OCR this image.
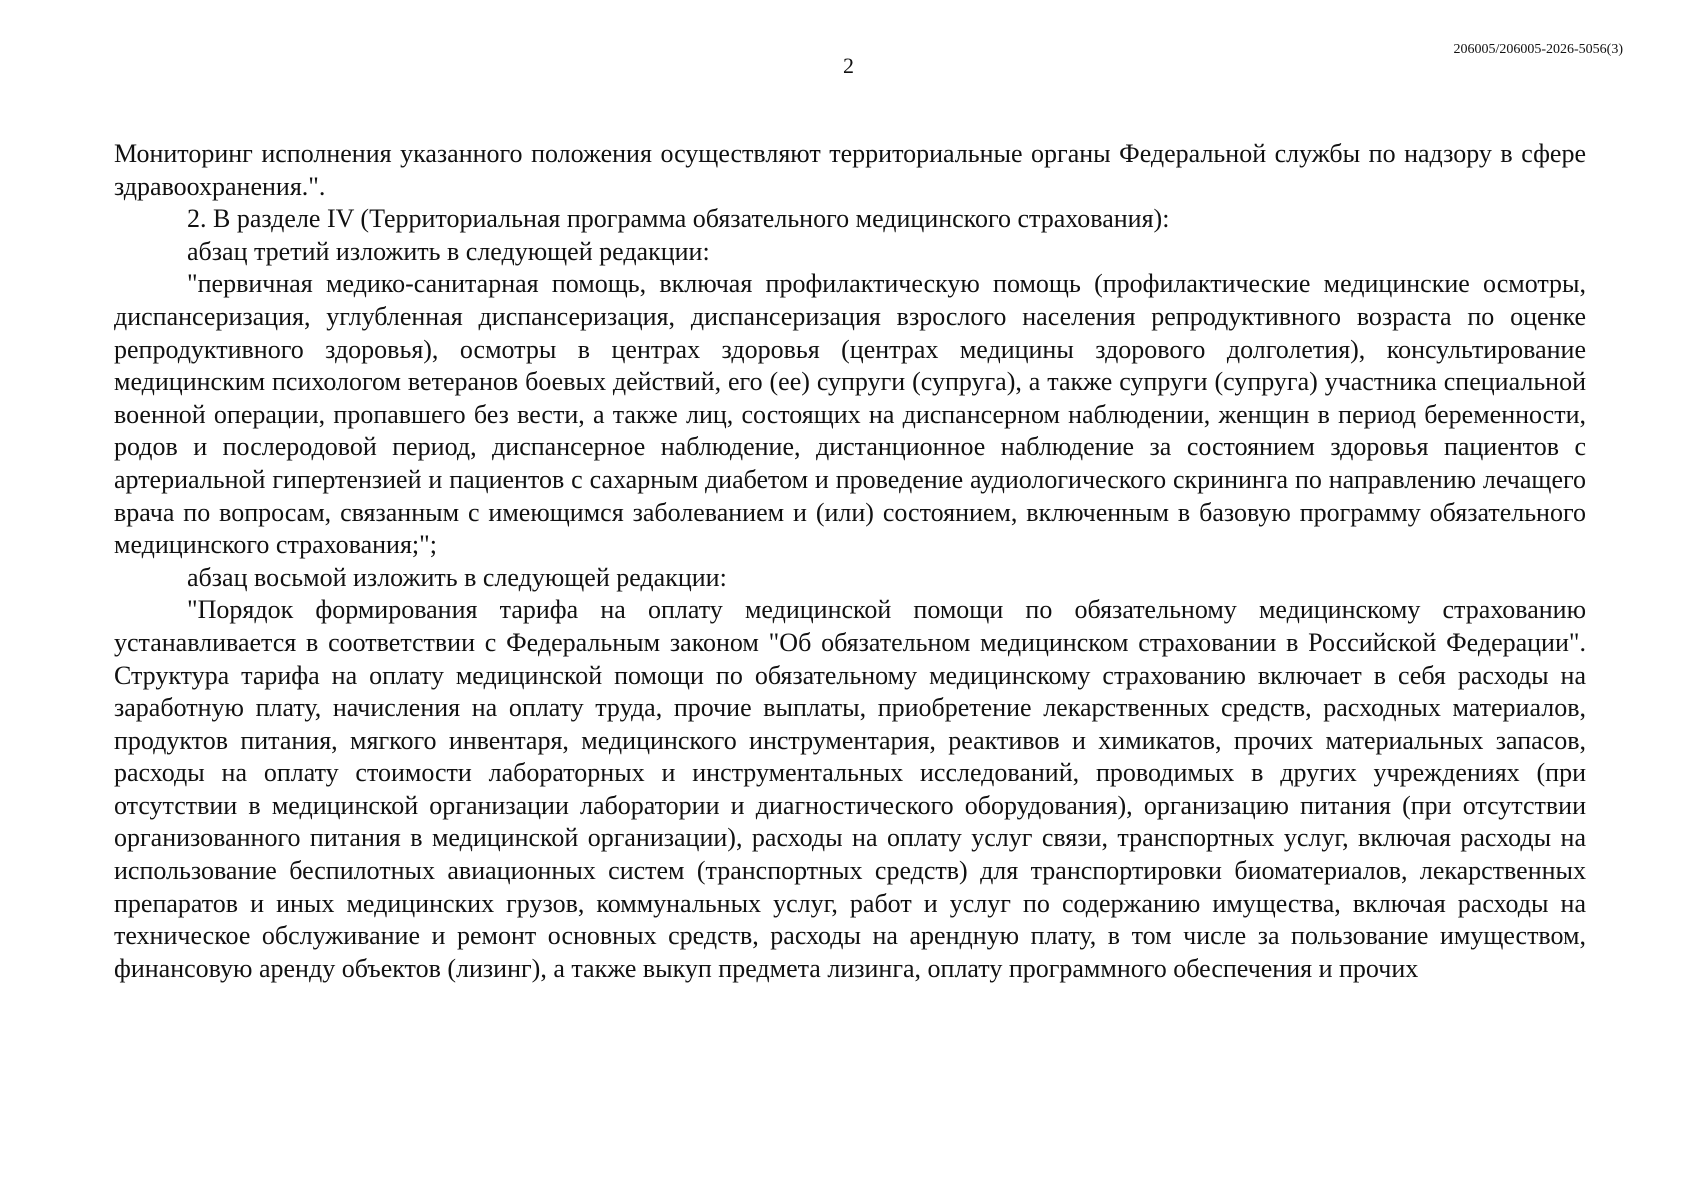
2
206005/206005-2026-5056(3)

Мониторинг исполнения указанного положения осуществляют территориальные органы Федеральной службы по надзору в сфере здравоохранения.".

2. В разделе IV (Территориальная программа обязательного медицинского страхования):

абзац третий изложить в следующей редакции:

"первичная медико-санитарная помощь, включая профилактическую помощь (профилактические медицинские осмотры, диспансеризация, углубленная диспансеризация, диспансеризация взрослого населения репродуктивного возраста по оценке репродуктивного здоровья), осмотры в центрах здоровья (центрах медицины здорового долголетия), консультирование медицинским психологом ветеранов боевых действий, его (ее) супруги (супруга), а также супруги (супруга) участника специальной военной операции, пропавшего без вести, а также лиц, состоящих на диспансерном наблюдении, женщин в период беременности, родов и послеродовой период, диспансерное наблюдение, дистанционное наблюдение за состоянием здоровья пациентов с артериальной гипертензией и пациентов с сахарным диабетом и проведение аудиологического скрининга по направлению лечащего врача по вопросам, связанным с имеющимся заболеванием и (или) состоянием, включенным в базовую программу обязательного медицинского страхования;";

абзац восьмой изложить в следующей редакции:

"Порядок формирования тарифа на оплату медицинской помощи по обязательному медицинскому страхованию устанавливается в соответствии с Федеральным законом "Об обязательном медицинском страховании в Российской Федерации". Структура тарифа на оплату медицинской помощи по обязательному медицинскому страхованию включает в себя расходы на заработную плату, начисления на оплату труда, прочие выплаты, приобретение лекарственных средств, расходных материалов, продуктов питания, мягкого инвентаря, медицинского инструментария, реактивов и химикатов, прочих материальных запасов, расходы на оплату стоимости лабораторных и инструментальных исследований, проводимых в других учреждениях (при отсутствии в медицинской организации лаборатории и диагностического оборудования), организацию питания (при отсутствии организованного питания в медицинской организации), расходы на оплату услуг связи, транспортных услуг, включая расходы на использование беспилотных авиационных систем (транспортных средств) для транспортировки биоматериалов, лекарственных препаратов и иных медицинских грузов, коммунальных услуг, работ и услуг по содержанию имущества, включая расходы на техническое обслуживание и ремонт основных средств, расходы на арендную плату, в том числе за пользование имуществом, финансовую аренду объектов (лизинг), а также выкуп предмета лизинга, оплату программного обеспечения и прочих
